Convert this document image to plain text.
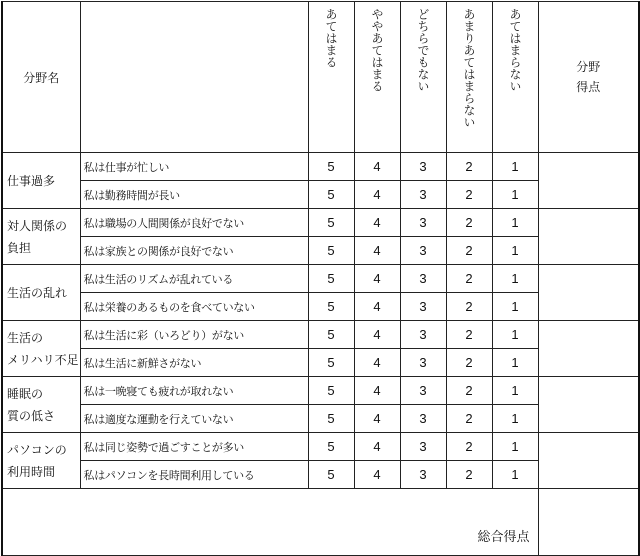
分野名		あてはまる	ややあてはまる	どちらでもない	あまりあてはまらない	あてはまらない	分野
得点

仕事過多	私は仕事が忙しい	5	4	3	2	1	
	私は勤務時間が長い	5	4	3	2	1	

対人関係の
負担	私は職場の人間関係が良好でない	5	4	3	2	1	
	私は家族との関係が良好でない	5	4	3	2	1	

生活の乱れ	私は生活のリズムが乱れている	5	4	3	2	1	
	私は栄養のあるものを食べていない	5	4	3	2	1	

生活の
メリハリ不足	私は生活に彩（いろどり）がない	5	4	3	2	1	
	私は生活に新鮮さがない	5	4	3	2	1	

睡眠の
質の低さ	私は一晩寝ても疲れが取れない	5	4	3	2	1	
	私は適度な運動を行えていない	5	4	3	2	1	

パソコンの
利用時間	私は同じ姿勢で過ごすことが多い	5	4	3	2	1	
	私はパソコンを長時間利用している	5	4	3	2	1	
総合得点							
